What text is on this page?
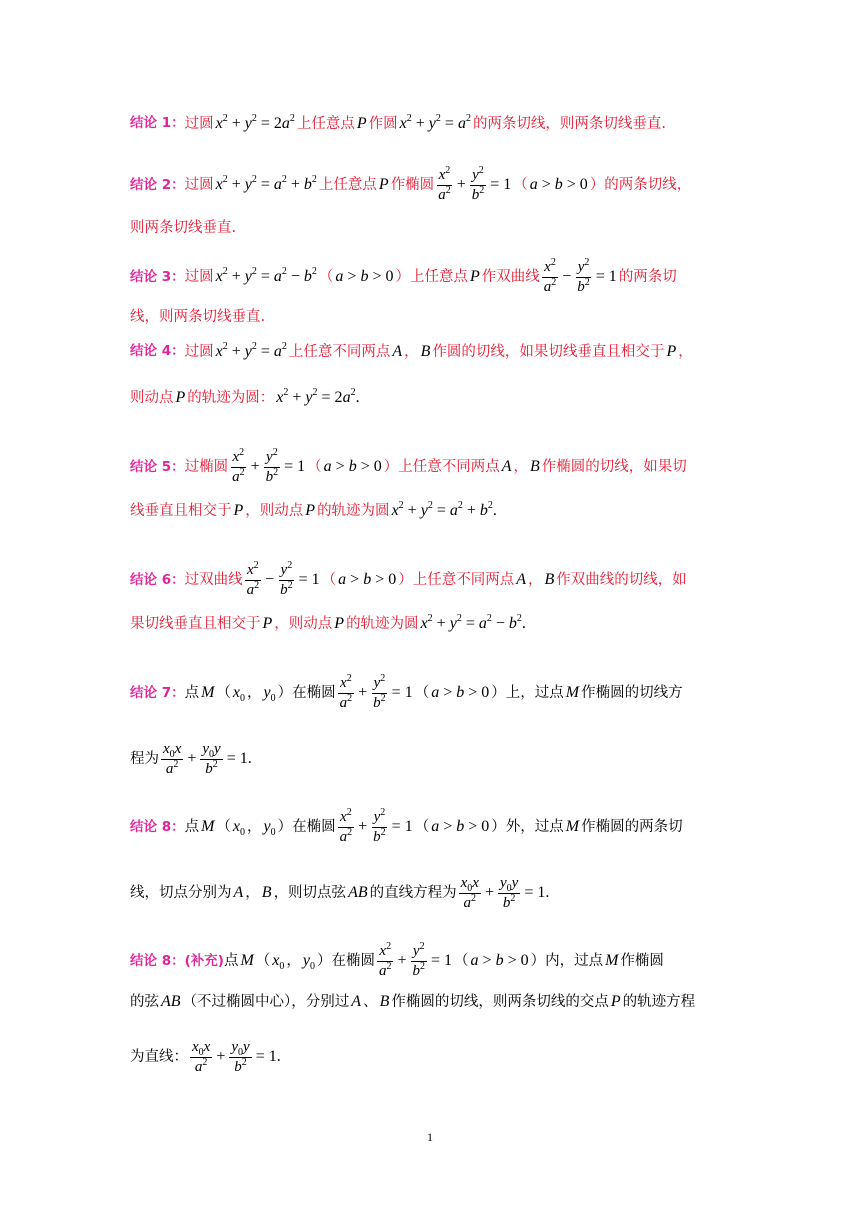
结论 1： 过圆 $x^2 + y^2 = 2a^2$ 上任意点 P 作圆 $x^2 + y^2 = a^2$ 的两条切线，则两条切线垂直.
结论 2： 过圆 $x^2 + y^2 = a^2 + b^2$ 上任意点 P 作椭圆 $\frac{x^2}{a^2} + \frac{y^2}{b^2} = 1$ （ a > b > 0 ）的两条切线，
则两条切线垂直.
结论 3： 过圆 $x^2 + y^2 = a^2 - b^2$ （ a > b > 0 ）上任意点 P 作双曲线 $\frac{x^2}{a^2} - \frac{y^2}{b^2} = 1$ 的两条切
线，则两条切线垂直.
结论 4： 过圆 $x^2 + y^2 = a^2$ 上任意不同两点 A ， B 作圆的切线，如果切线垂直且相交于 P ，
则动点 P 的轨迹为圆： $x^2 + y^2 = 2a^2$.
结论 5： 过椭圆 $\frac{x^2}{a^2} + \frac{y^2}{b^2} = 1$ （ a > b > 0 ）上任意不同两点 A ， B 作椭圆的切线，如果切
线垂直且相交于 P ，则动点 P 的轨迹为圆 $x^2 + y^2 = a^2 + b^2$.
结论 6： 过双曲线 $\frac{x^2}{a^2} - \frac{y^2}{b^2} = 1$ （ a > b > 0 ）上任意不同两点 A ， B 作双曲线的切线，如
果切线垂直且相交于 P ，则动点 P 的轨迹为圆 $x^2 + y^2 = a^2 - b^2$.
结论 7： 点 M （ $x_0$ ， $y_0$ ）在椭圆 $\frac{x^2}{a^2} + \frac{y^2}{b^2} = 1$ （ a > b > 0 ）上，过点 M 作椭圆的切线方
程为 $\frac{x_0x}{a^2} + \frac{y_0y}{b^2} = 1$.
结论 8： 点 M （ $x_0$ ， $y_0$ ）在椭圆 $\frac{x^2}{a^2} + \frac{y^2}{b^2} = 1$ （ a > b > 0 ）外，过点 M 作椭圆的两条切
线，切点分别为 A ， B ，则切点弦 AB 的直线方程为 $\frac{x_0x}{a^2} + \frac{y_0y}{b^2} = 1$.
结论 8：(补充) 点 M （ $x_0$ ， $y_0$ ）在椭圆 $\frac{x^2}{a^2} + \frac{y^2}{b^2} = 1$ （ a > b > 0 ）内，过点 M 作椭圆
的弦 AB （不过椭圆中心），分别过 A 、 B 作椭圆的切线，则两条切线的交点 P 的轨迹方程
为直线： $\frac{x_0x}{a^2} + \frac{y_0y}{b^2} = 1$.
1
